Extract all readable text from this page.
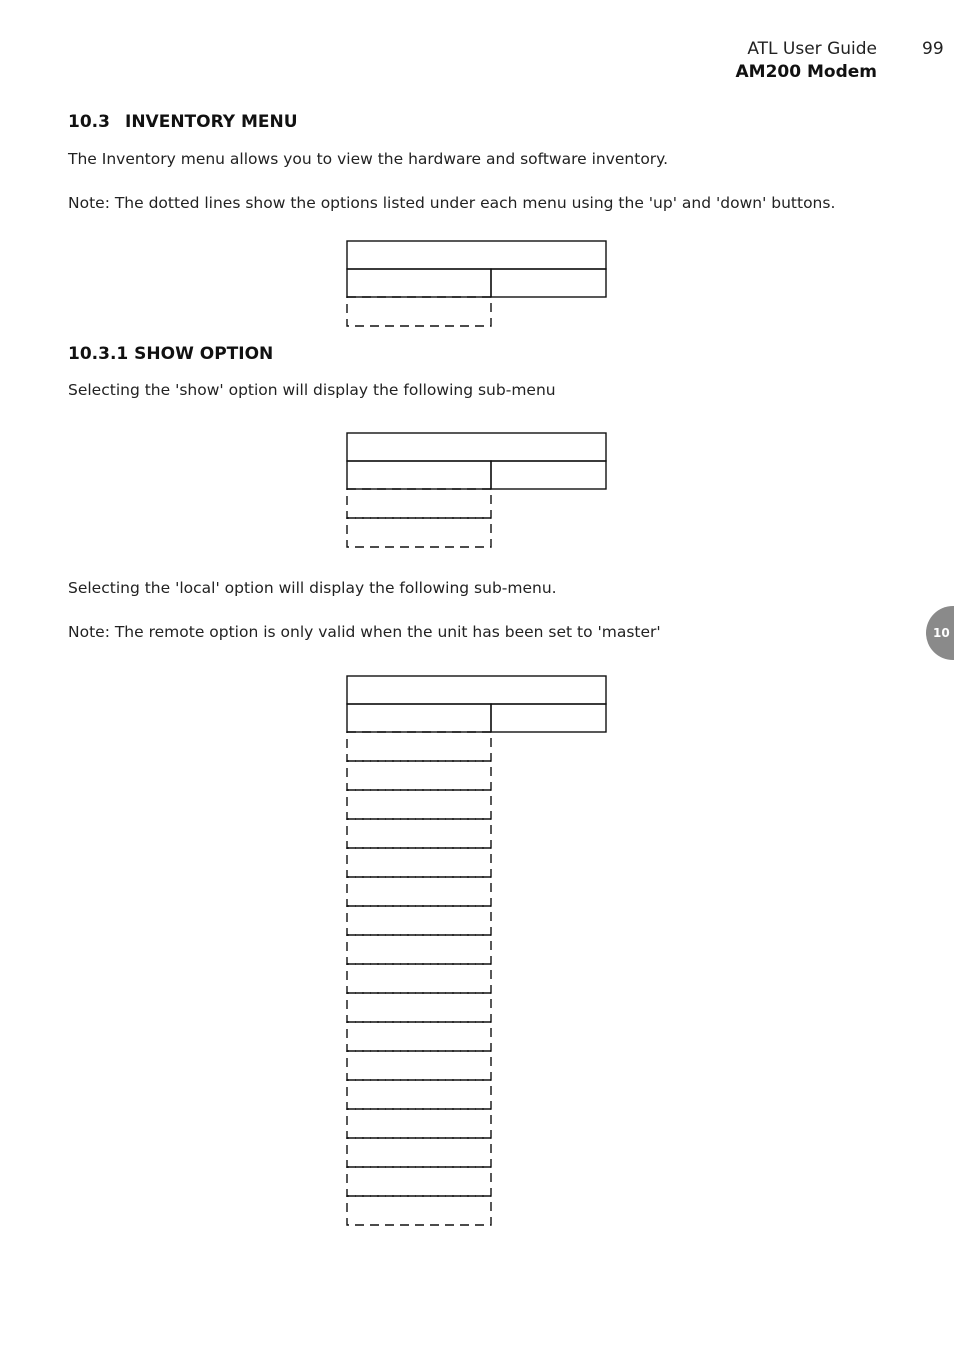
ATL User Guide
AM200 Modem
99
10.3 INVENTORY MENU
The Inventory menu allows you to view the hardware and software inventory.
Note: The dotted lines show the options listed under each menu using the 'up' and 'down' buttons.
10.3.1 SHOW OPTION
Selecting the 'show' option will display the following sub-menu
Selecting the 'local' option will display the following sub-menu.
Note: The remote option is only valid when the unit has been set to 'master'	10
